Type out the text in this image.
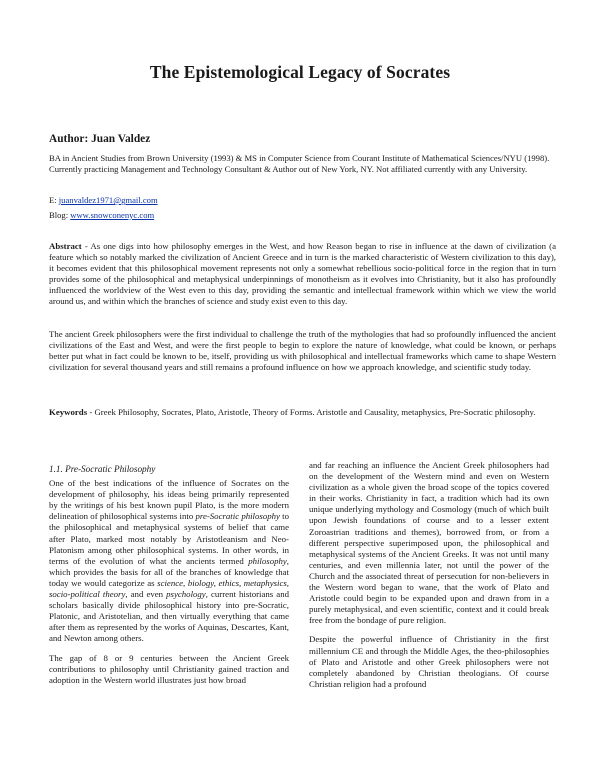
The Epistemological Legacy of Socrates
Author: Juan Valdez
BA in Ancient Studies from Brown University (1993) & MS in Computer Science from Courant Institute of Mathematical Sciences/NYU (1998). Currently practicing Management and Technology Consultant & Author out of New York, NY. Not affiliated currently with any University.
E: juanvaldez1971@gmail.com
Blog: www.snowconenyc.com
Abstract - As one digs into how philosophy emerges in the West, and how Reason began to rise in influence at the dawn of civilization (a feature which so notably marked the civilization of Ancient Greece and in turn is the marked characteristic of Western civilization to this day), it becomes evident that this philosophical movement represents not only a somewhat rebellious socio-political force in the region that in turn provides some of the philosophical and metaphysical underpinnings of monotheism as it evolves into Christianity, but it also has profoundly influenced the worldview of the West even to this day, providing the semantic and intellectual framework within which we view the world around us, and within which the branches of science and study exist even to this day.
The ancient Greek philosophers were the first individual to challenge the truth of the mythologies that had so profoundly influenced the ancient civilizations of the East and West, and were the first people to begin to explore the nature of knowledge, what could be known, or perhaps better put what in fact could be known to be, itself, providing us with philosophical and intellectual frameworks which came to shape Western civilization for several thousand years and still remains a profound influence on how we approach knowledge, and scientific study today.
Keywords - Greek Philosophy, Socrates, Plato, Aristotle, Theory of Forms. Aristotle and Causality, metaphysics, Pre-Socratic philosophy.
1.1. Pre-Socratic Philosophy

One of the best indications of the influence of Socrates on the development of philosophy, his ideas being primarily represented by the writings of his best known pupil Plato, is the more modern delineation of philosophical systems into pre-Socratic philosophy to the philosophical and metaphysical systems of belief that came after Plato, marked most notably by Aristotleanism and Neo-Platonism among other philosophical systems. In other words, in terms of the evolution of what the ancients termed philosophy, which provides the basis for all of the branches of knowledge that today we would categorize as science, biology, ethics, metaphysics, socio-political theory, and even psychology, current historians and scholars basically divide philosophical history into pre-Socratic, Platonic, and Aristotelian, and then virtually everything that came after them as represented by the works of Aquinas, Descartes, Kant, and Newton among others.

The gap of 8 or 9 centuries between the Ancient Greek contributions to philosophy until Christianity gained traction and adoption in the Western world illustrates just how broad

and far reaching an influence the Ancient Greek philosophers had on the development of the Western mind and even on Western civilization as a whole given the broad scope of the topics covered in their works. Christianity in fact, a tradition which had its own unique underlying mythology and Cosmology (much of which built upon Jewish foundations of course and to a lesser extent Zoroastrian traditions and themes), borrowed from, or from a different perspective superimposed upon, the philosophical and metaphysical systems of the Ancient Greeks. It was not until many centuries, and even millennia later, not until the power of the Church and the associated threat of persecution for non-believers in the Western word began to wane, that the work of Plato and Aristotle could begin to be expanded upon and drawn from in a purely metaphysical, and even scientific, context and it could break free from the bondage of pure religion.

Despite the powerful influence of Christianity in the first millennium CE and through the Middle Ages, the theo-philosophies of Plato and Aristotle and other Greek philosophers were not completely abandoned by Christian theologians. Of course Christian religion had a profound
